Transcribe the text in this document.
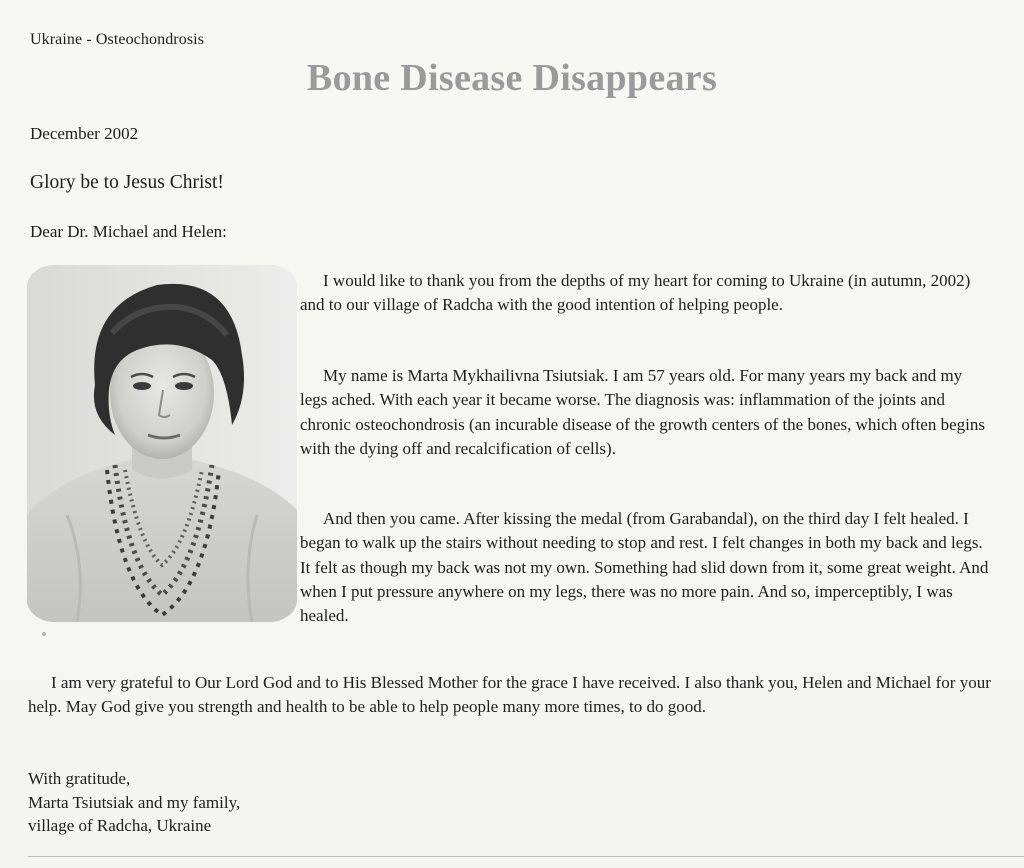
Ukraine - Osteochondrosis

Bone Disease Disappears

December 2002

Glory be to Jesus Christ!

Dear Dr. Michael and Helen:

I would like to thank you from the depths of my heart for coming to Ukraine (in autumn, 2002) and to our village of Radcha with the good intention of helping people.

My name is Marta Mykhailivna Tsiutsiak. I am 57 years old. For many years my back and my legs ached. With each year it became worse. The diagnosis was: inflammation of the joints and chronic osteochondrosis (an incurable disease of the growth centers of the bones, which often begins with the dying off and recalcification of cells).

And then you came. After kissing the medal (from Garabandal), on the third day I felt healed. I began to walk up the stairs without needing to stop and rest. I felt changes in both my back and legs. It felt as though my back was not my own. Something had slid down from it, some great weight. And when I put pressure anywhere on my legs, there was no more pain. And so, imperceptibly, I was healed.

I am very grateful to Our Lord God and to His Blessed Mother for the grace I have received. I also thank you, Helen and Michael for your help. May God give you strength and health to be able to help people many more times, to do good.

With gratitude,
Marta Tsiutsiak and my family,
village of Radcha, Ukraine
